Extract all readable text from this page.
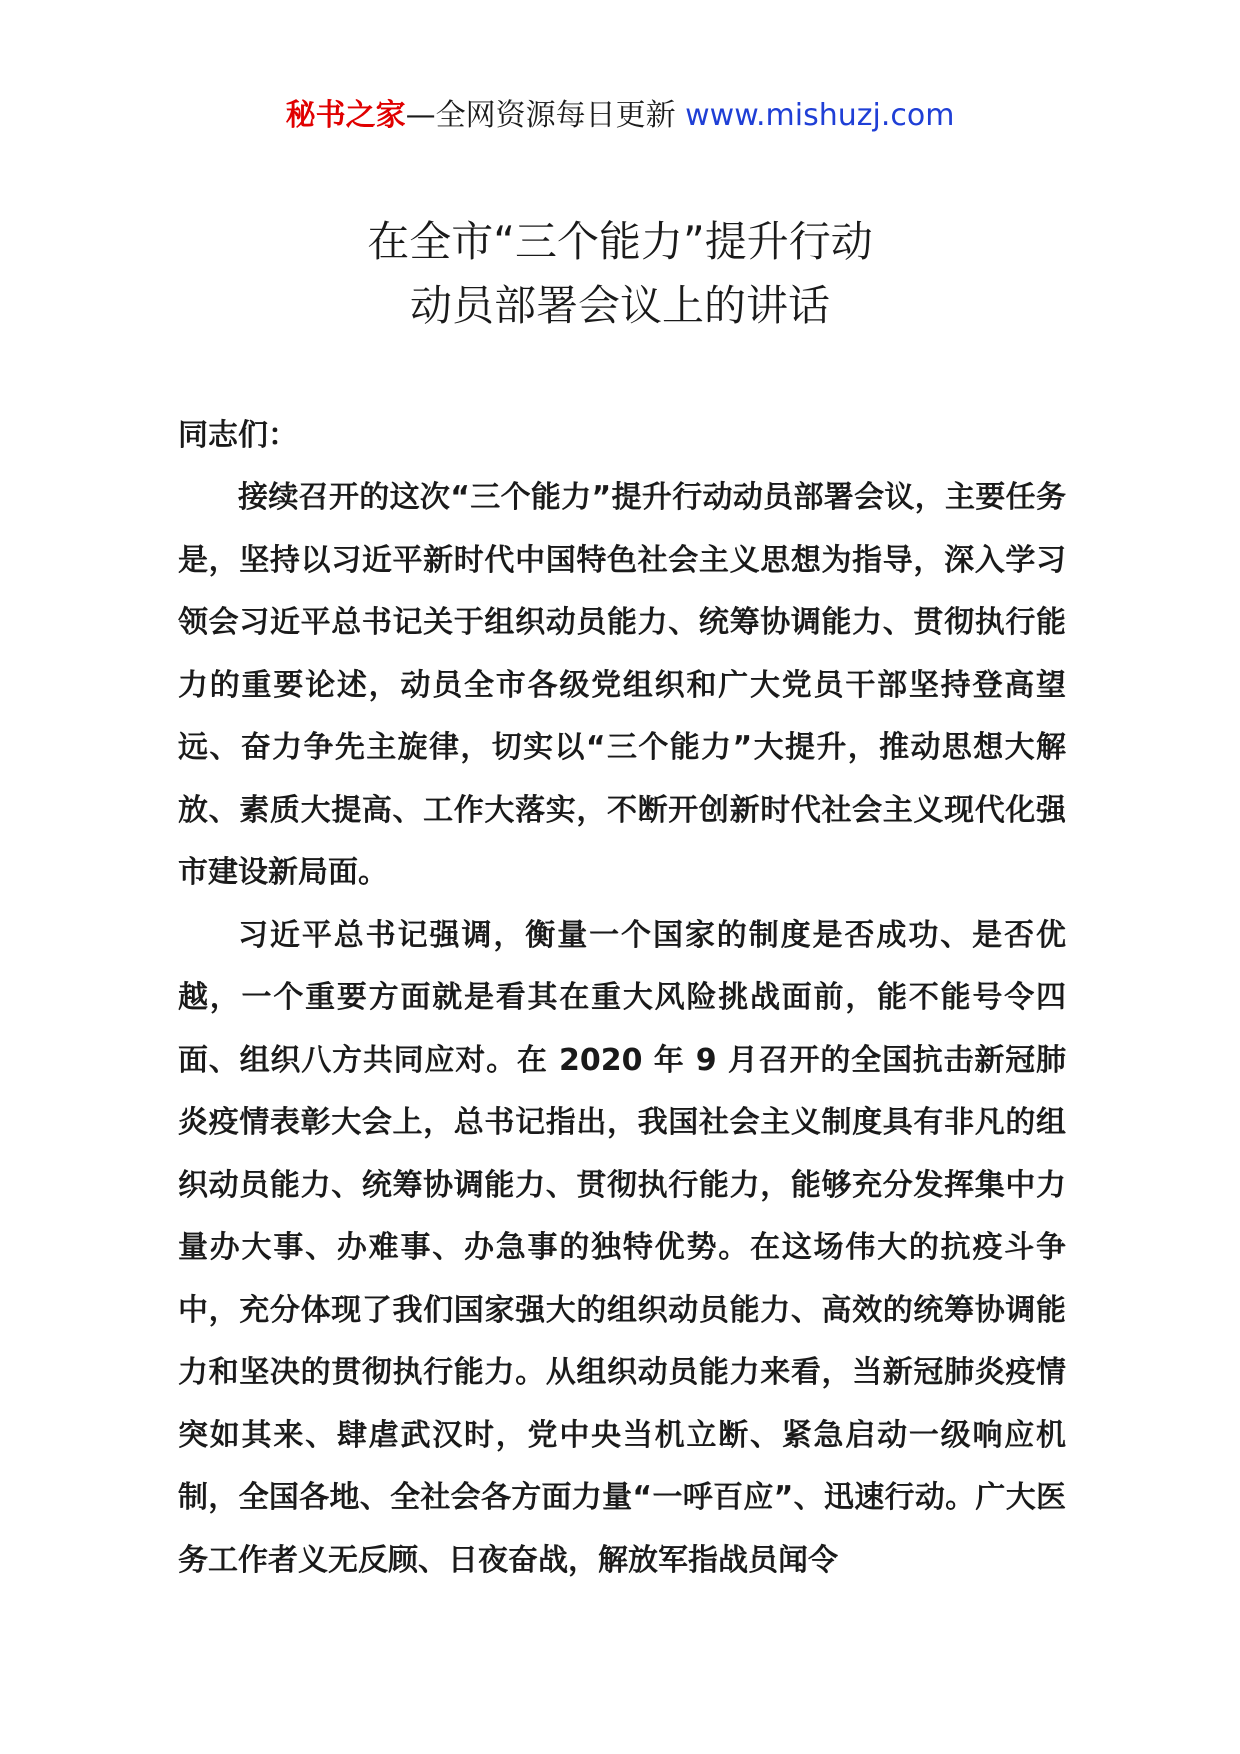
秘书之家—全网资源每日更新 www.mishuzj.com
在全市“三个能力”提升行动
动员部署会议上的讲话

同志们：

接续召开的这次“三个能力”提升行动动员部署会议，主要任务是，坚持以习近平新时代中国特色社会主义思想为指导，深入学习领会习近平总书记关于组织动员能力、统筹协调能力、贯彻执行能力的重要论述，动员全市各级党组织和广大党员干部坚持登高望远、奋力争先主旋律，切实以“三个能力”大提升，推动思想大解放、素质大提高、工作大落实，不断开创新时代社会主义现代化强市建设新局面。

习近平总书记强调，衡量一个国家的制度是否成功、是否优越，一个重要方面就是看其在重大风险挑战面前，能不能号令四面、组织八方共同应对。在 2020 年 9 月召开的全国抗击新冠肺炎疫情表彰大会上，总书记指出，我国社会主义制度具有非凡的组织动员能力、统筹协调能力、贯彻执行能力，能够充分发挥集中力量办大事、办难事、办急事的独特优势。在这场伟大的抗疫斗争中，充分体现了我们国家强大的组织动员能力、高效的统筹协调能力和坚决的贯彻执行能力。从组织动员能力来看，当新冠肺炎疫情突如其来、肆虐武汉时，党中央当机立断、紧急启动一级响应机制，全国各地、全社会各方面力量“一呼百应”、迅速行动。广大医务工作者义无反顾、日夜奋战，解放军指战员闻令
